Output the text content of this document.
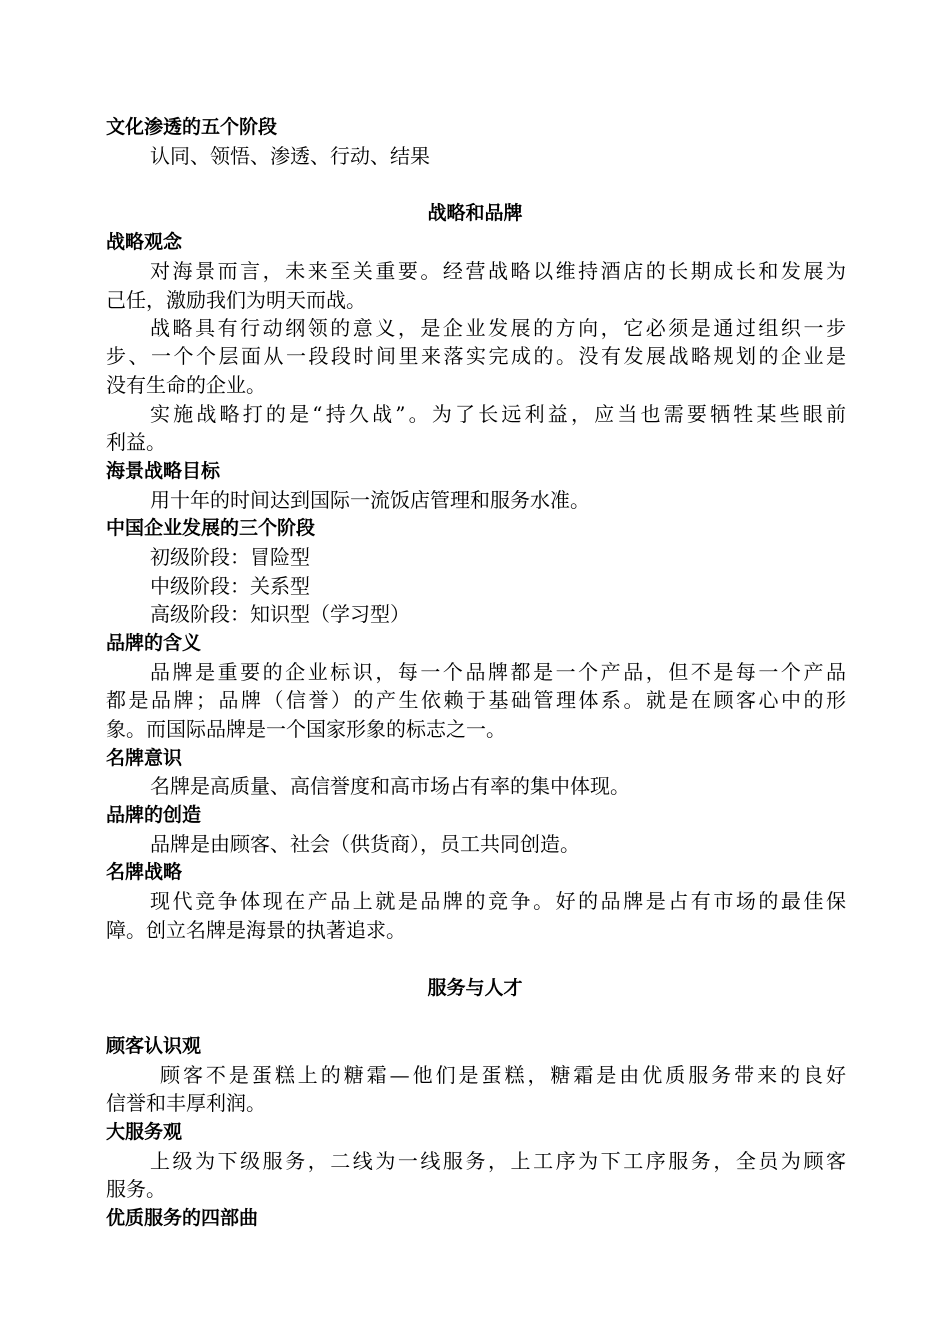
文化渗透的五个阶段
认同、领悟、渗透、行动、结果
战略和品牌
战略观念
对海景而言，未来至关重要。经营战略以维持酒店的长期成长和发展为
己任，激励我们为明天而战。
战略具有行动纲领的意义，是企业发展的方向，它必须是通过组织一步
步、一个个层面从一段段时间里来落实完成的。没有发展战略规划的企业是
没有生命的企业。
实施战略打的是“持久战”。为了长远利益，应当也需要牺牲某些眼前
利益。
海景战略目标
用十年的时间达到国际一流饭店管理和服务水准。
中国企业发展的三个阶段
初级阶段：冒险型
中级阶段：关系型
高级阶段：知识型（学习型）
品牌的含义
品牌是重要的企业标识，每一个品牌都是一个产品，但不是每一个产品
都是品牌；品牌（信誉）的产生依赖于基础管理体系。就是在顾客心中的形
象。而国际品牌是一个国家形象的标志之一。
名牌意识
名牌是高质量、高信誉度和高市场占有率的集中体现。
品牌的创造
品牌是由顾客、社会（供货商），员工共同创造。
名牌战略
现代竞争体现在产品上就是品牌的竞争。好的品牌是占有市场的最佳保
障。创立名牌是海景的执著追求。
服务与人才
顾客认识观
顾客不是蛋糕上的糖霜—他们是蛋糕，糖霜是由优质服务带来的良好
信誉和丰厚利润。
大服务观
上级为下级服务，二线为一线服务，上工序为下工序服务，全员为顾客
服务。
优质服务的四部曲
